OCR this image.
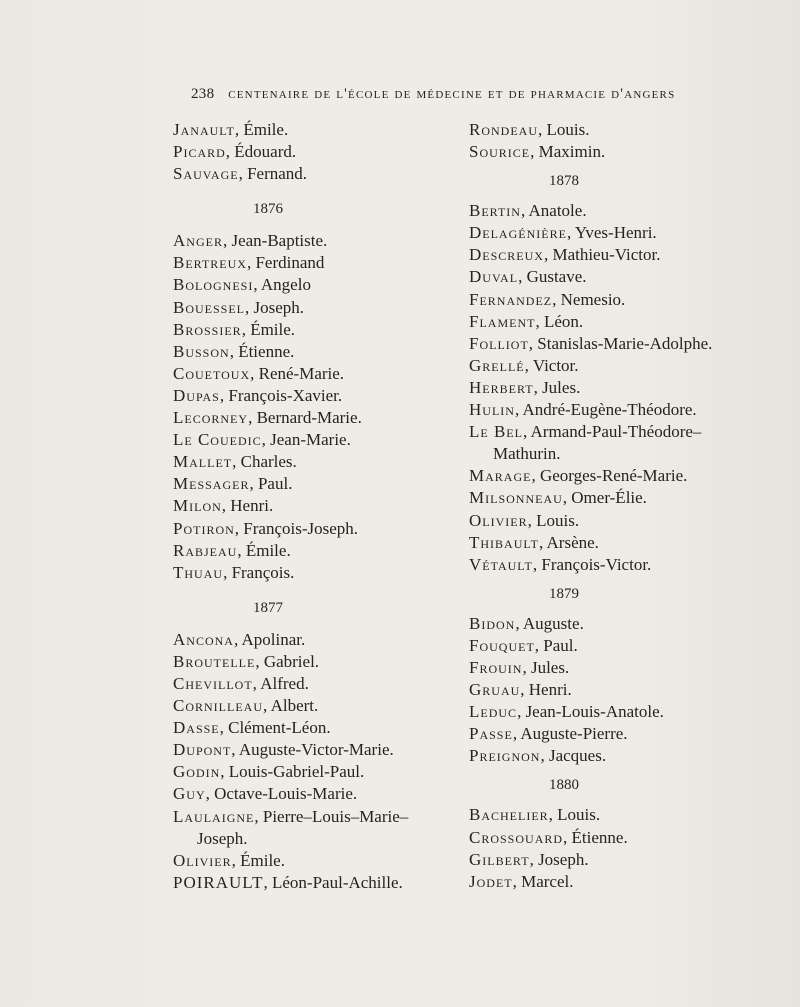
238 centenaire de l'école de médecine et de pharmacie d'angers
Janault, Émile.
Picard, Édouard.
Sauvage, Fernand.
1876
Anger, Jean-Baptiste.
Bertreux, Ferdinand
Bolognesi, Angelo
Bouessel, Joseph.
Brossier, Émile.
Busson, Étienne.
Couetoux, René-Marie.
Dupas, François-Xavier.
Lecorney, Bernard-Marie.
Le Couedic, Jean-Marie.
Mallet, Charles.
Messager, Paul.
Milon, Henri.
Potiron, François-Joseph.
Rabjeau, Émile.
Thuau, François.
1877
Ancona, Apolinar.
Broutelle, Gabriel.
Chevillot, Alfred.
Cornilleau, Albert.
Dasse, Clément-Léon.
Dupont, Auguste-Victor-Marie.
Godin, Louis-Gabriel-Paul.
Guy, Octave-Louis-Marie.
Laulaigne, Pierre–Louis–Marie–
Joseph.
Olivier, Émile.
POIRAULT, Léon-Paul-Achille.
Rondeau, Louis.
Sourice, Maximin.
1878
Bertin, Anatole.
Delagénière, Yves-Henri.
Descreux, Mathieu-Victor.
Duval, Gustave.
Fernandez, Nemesio.
Flament, Léon.
Folliot, Stanislas-Marie-Adolphe.
Grellé, Victor.
Herbert, Jules.
Hulin, André-Eugène-Théodore.
Le Bel, Armand-Paul-Théodore–
Mathurin.
Marage, Georges-René-Marie.
Milsonneau, Omer-Élie.
Olivier, Louis.
Thibault, Arsène.
Vétault, François-Victor.
1879
Bidon, Auguste.
Fouquet, Paul.
Frouin, Jules.
Gruau, Henri.
Leduc, Jean-Louis-Anatole.
Passe, Auguste-Pierre.
Preignon, Jacques.
1880
Bachelier, Louis.
Crossouard, Étienne.
Gilbert, Joseph.
Jodet, Marcel.
